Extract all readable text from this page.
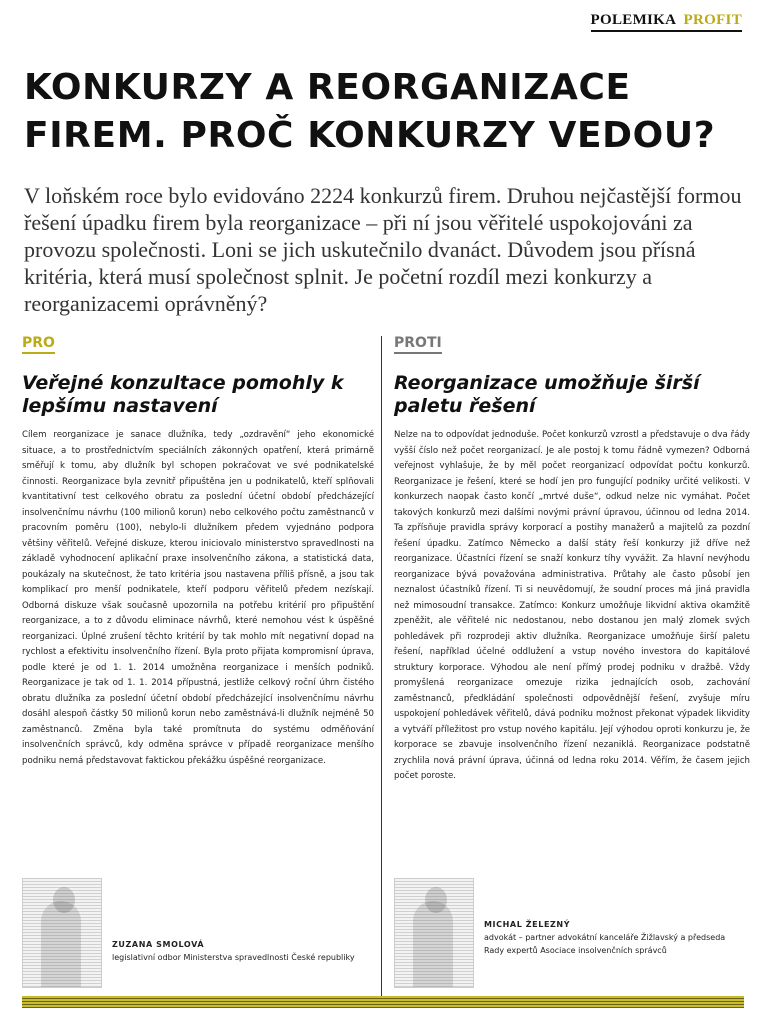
POLEMIKA PROFIT
KONKURZY A REORGANIZACE FIREM. PROČ KONKURZY VEDOU?

V loňském roce bylo evidováno 2224 konkurzů firem. Druhou nejčastější formou řešení úpadku firem byla reorganizace – při ní jsou věřitelé uspokojováni za provozu společnosti. Loni se jich uskutečnilo dvanáct. Důvodem jsou přísná kritéria, která musí společnost splnit. Je početní rozdíl mezi konkurzy a reorganizacemi oprávněný?

PRO
Veřejné konzultace pomohly k lepšímu nastavení

Cílem reorganizace je sanace dlužníka, tedy „ozdravění“ jeho ekonomické situace, a to prostřednictvím speciálních zákonných opatření, která primárně směřují k tomu, aby dlužník byl schopen pokračovat ve své podnikatelské činnosti. Reorganizace byla zevnitř připuštěna jen u podnikatelů, kteří splňovali kvantitativní test celkového obratu za poslední účetní období předcházející insolvenčnímu návrhu (100 milionů korun) nebo celkového počtu zaměstnanců v pracovním poměru (100), nebylo-li dlužníkem předem vyjednáno podpora většiny věřitelů. Veřejné diskuze, kterou iniciovalo ministerstvo spravedlnosti na základě vyhodnocení aplikační praxe insolvenčního zákona, a statistická data, poukázaly na skutečnost, že tato kritéria jsou nastavena příliš přísně, a jsou tak komplikací pro menší podnikatele, kteří podporu věřitelů předem nezískají. Odborná diskuze však současně upozornila na potřebu kritérií pro připuštění reorganizace, a to z důvodu eliminace návrhů, které nemohou vést k úspěšné reorganizaci. Úplné zrušení těchto kritérií by tak mohlo mít negativní dopad na rychlost a efektivitu insolvenčního řízení. Byla proto přijata kompromisní úprava, podle které je od 1. 1. 2014 umožněna reorganizace i menších podniků. Reorganizace je tak od 1. 1. 2014 přípustná, jestliže celkový roční úhrn čistého obratu dlužníka za poslední účetní období předcházející insolvenčnímu návrhu dosáhl alespoň částky 50 milionů korun nebo zaměstnává-li dlužník nejméně 50 zaměstnanců. Změna byla také promítnuta do systému odměňování insolvenčních správců, kdy odměna správce v případě reorganizace menšího podniku nemá představovat faktickou překážku úspěšné reorganizace.

PROTI
Reorganizace umožňuje širší paletu řešení

Nelze na to odpovídat jednoduše. Počet konkurzů vzrostl a představuje o dva řády vyšší číslo než počet reorganizací. Je ale postoj k tomu řádně vymezen? Odborná veřejnost vyhlašuje, že by měl počet reorganizací odpovídat počtu konkurzů. Reorganizace je řešení, které se hodí jen pro fungující podniky určité velikosti. V konkurzech naopak často končí „mrtvé duše“, odkud nelze nic vymáhat. Počet takových konkurzů mezi dalšími novými právní úpravou, účinnou od ledna 2014. Ta zpřísňuje pravidla správy korporací a postihy manažerů a majitelů za pozdní řešení úpadku. Zatímco Německo a další státy řeší konkurzy již dříve než reorganizace. Účastníci řízení se snaží konkurz tíhy vyvážit. Za hlavní nevýhodu reorganizace bývá považována administrativa. Průtahy ale často působí jen neznalost účastníků řízení. Ti si neuvědomují, že soudní proces má jiná pravidla než mimosoudní transakce. Zatímco: Konkurz umožňuje likvidní aktiva okamžitě zpeněžit, ale věřitelé nic nedostanou, nebo dostanou jen malý zlomek svých pohledávek při rozprodeji aktiv dlužníka. Reorganizace umožňuje širší paletu řešení, například účelné oddlužení a vstup nového investora do kapitálové struktury korporace. Výhodou ale není přímý prodej podniku v dražbě. Vždy promyšlená reorganizace omezuje rizika jednajících osob, zachování zaměstnanců, předkládání společnosti odpovědnější řešení, zvyšuje míru uspokojení pohledávek věřitelů, dává podniku možnost překonat výpadek likvidity a vytváří příležitost pro vstup nového kapitálu. Její výhodou oproti konkurzu je, že korporace se zbavuje insolvenčního řízení nezaniklá. Reorganizace podstatně zrychlila nová právní úprava, účinná od ledna roku 2014. Věřím, že časem jejich počet poroste.

ZUZANA SMOLOVÁ
legislativní odbor Ministerstva spravedlnosti České republiky
MICHAL ŽELEZNÝ
advokát – partner advokátní kanceláře Žižlavský a předseda Rady expertů Asociace insolvenčních správců
